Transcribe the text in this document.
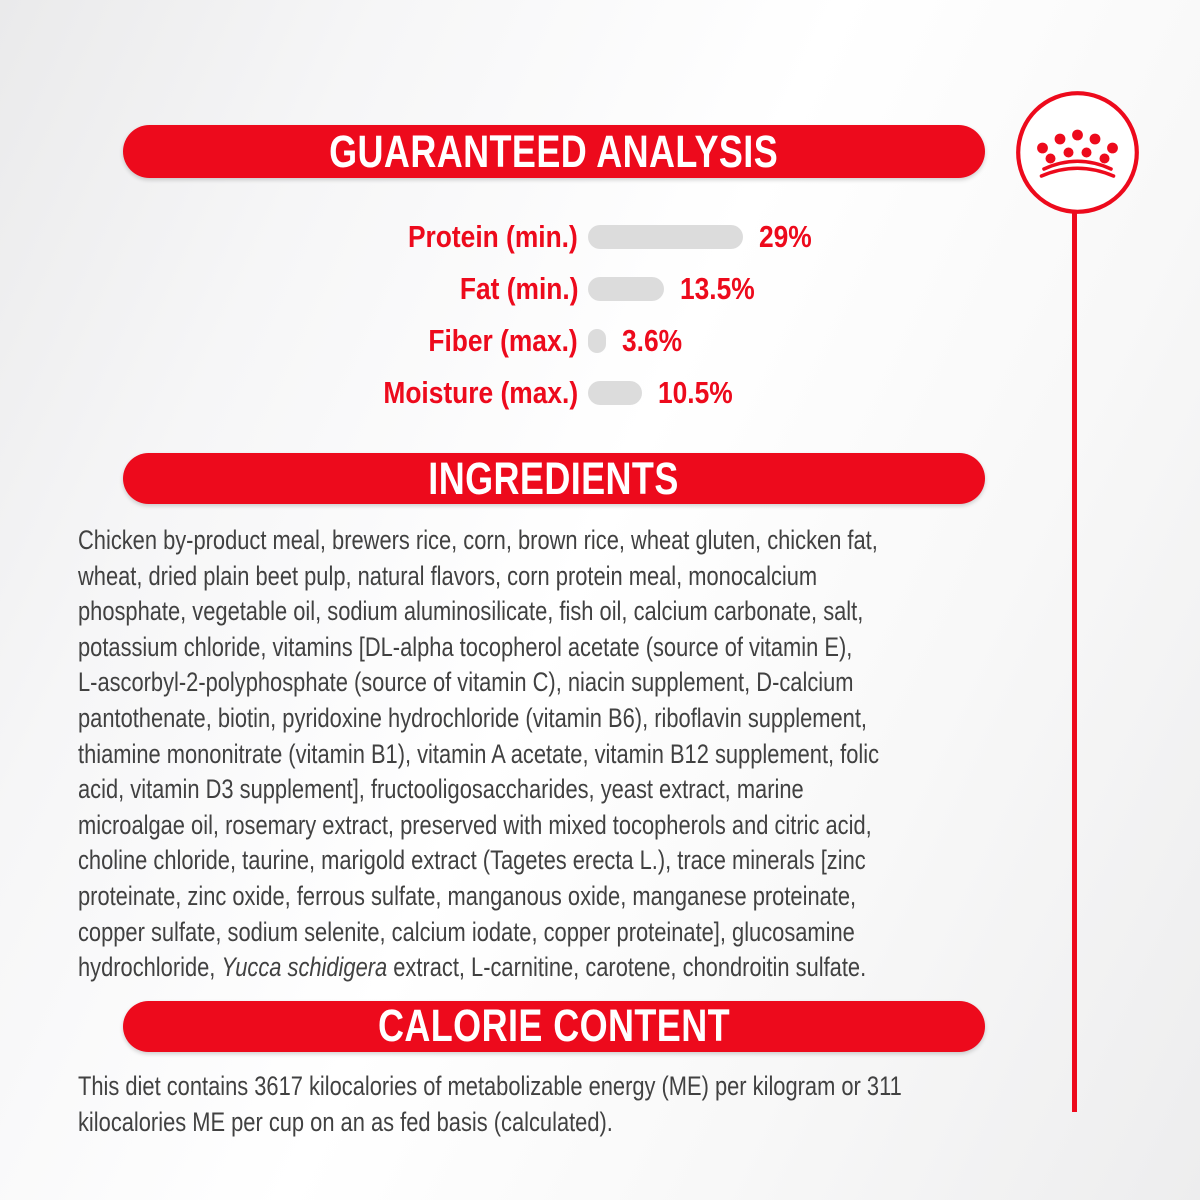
GUARANTEED ANALYSIS
Protein (min.)	29%
Fat (min.)	13.5%
Fiber (max.) 3.6%
Moisture (max.)	10.5%
INGREDIENTS
Chicken by-product meal, brewers rice, corn, brown rice, wheat gluten, chicken fat,
wheat, dried plain beet pulp, natural flavors, corn protein meal, monocalcium
phosphate, vegetable oil, sodium aluminosilicate, fish oil, calcium carbonate, salt,
potassium chloride, vitamins [DL-alpha tocopherol acetate (source of vitamin E),
L-ascorbyl-2-polyphosphate (source of vitamin C), niacin supplement, D-calcium
pantothenate, biotin, pyridoxine hydrochloride (vitamin B6), riboflavin supplement,
thiamine mononitrate (vitamin B1), vitamin A acetate, vitamin B12 supplement, folic
acid, vitamin D3 supplement], fructooligosaccharides, yeast extract, marine
microalgae oil, rosemary extract, preserved with mixed tocopherols and citric acid,
choline chloride, taurine, marigold extract (Tagetes erecta L.), trace minerals [zinc
proteinate, zinc oxide, ferrous sulfate, manganous oxide, manganese proteinate,
copper sulfate, sodium selenite, calcium iodate, copper proteinate], glucosamine
hydrochloride, Yucca schidigera extract, L-carnitine, carotene, chondroitin sulfate.
CALORIE CONTENT
This diet contains 3617 kilocalories of metabolizable energy (ME) per kilogram or 311
kilocalories ME per cup on an as fed basis (calculated).
